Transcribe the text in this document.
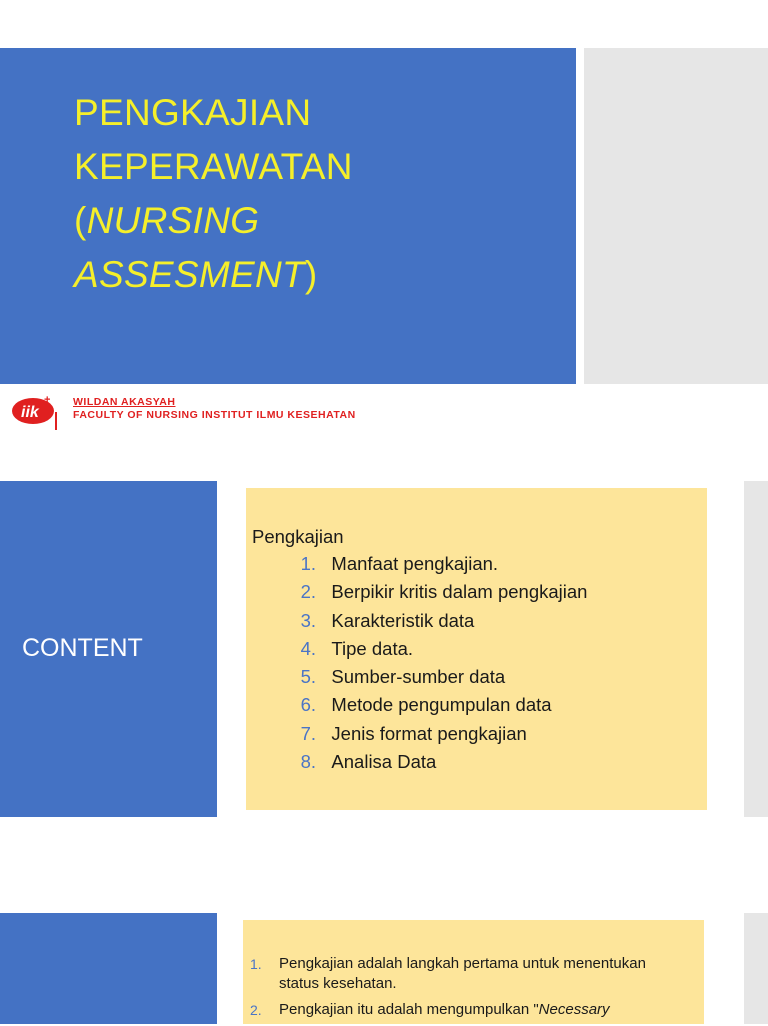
PENGKAJIAN
KEPERAWATAN
(NURSING
ASSESMENT)
iik
+ WILDAN AKASYAH
FACULTY OF NURSING INSTITUT ILMU KESEHATAN
CONTENT
Pengkajian
1. Manfaat pengkajian.
2. Berpikir kritis dalam pengkajian
3. Karakteristik data
4. Tipe data.
5. Sumber-sumber data
6. Metode pengumpulan data
7. Jenis format pengkajian
8. Analisa Data
1. Pengkajian adalah langkah pertama untuk menentukan status kesehatan.
2. Pengkajian itu adalah mengumpulkan "Necessary
